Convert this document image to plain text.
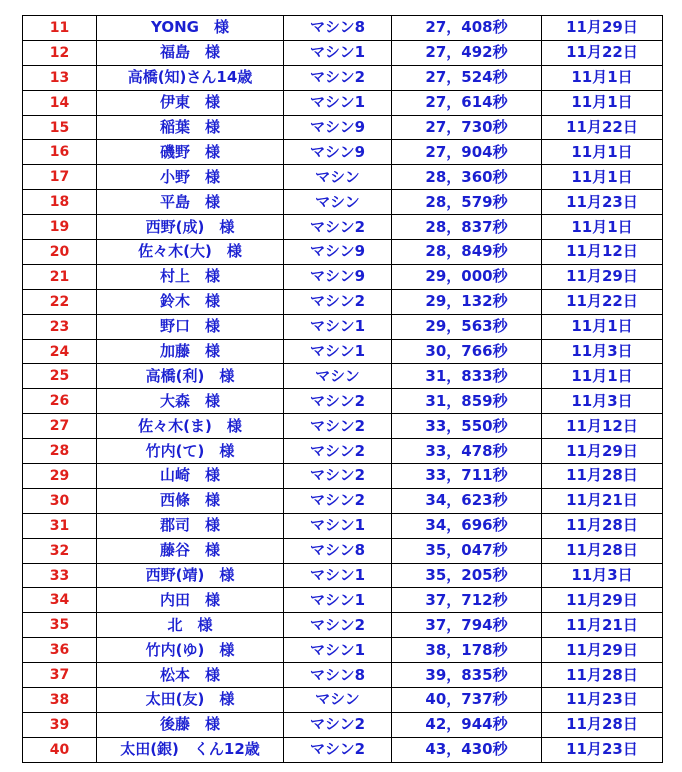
11	YONG　様	マシン8	27，408秒	11月29日
12	福島　様	マシン1	27，492秒	11月22日
13	高橋(知)さん14歳	マシン2	27，524秒	11月1日
14	伊東　様	マシン1	27，614秒	11月1日
15	稲葉　様	マシン9	27，730秒	11月22日
16	磯野　様	マシン9	27，904秒	11月1日
17	小野　様	マシン	28，360秒	11月1日
18	平島　様	マシン	28，579秒	11月23日
19	西野(成)　様	マシン2	28，837秒	11月1日
20	佐々木(大)　様	マシン9	28，849秒	11月12日
21	村上　様	マシン9	29，000秒	11月29日
22	鈴木　様	マシン2	29，132秒	11月22日
23	野口　様	マシン1	29，563秒	11月1日
24	加藤　様	マシン1	30，766秒	11月3日
25	高橋(利)　様	マシン	31，833秒	11月1日
26	大森　様	マシン2	31，859秒	11月3日
27	佐々木(ま)　様	マシン2	33，550秒	11月12日
28	竹内(て)　様	マシン2	33，478秒	11月29日
29	山崎　様	マシン2	33，711秒	11月28日
30	西條　様	マシン2	34，623秒	11月21日
31	郡司　様	マシン1	34，696秒	11月28日
32	藤谷　様	マシン8	35，047秒	11月28日
33	西野(靖)　様	マシン1	35，205秒	11月3日
34	内田　様	マシン1	37，712秒	11月29日
35	北　様	マシン2	37，794秒	11月21日
36	竹内(ゆ)　様	マシン1	38，178秒	11月29日
37	松本　様	マシン8	39，835秒	11月28日
38	太田(友)　様	マシン	40，737秒	11月23日
39	後藤　様	マシン2	42，944秒	11月28日
40	太田(銀)　くん12歳	マシン2	43，430秒	11月23日
